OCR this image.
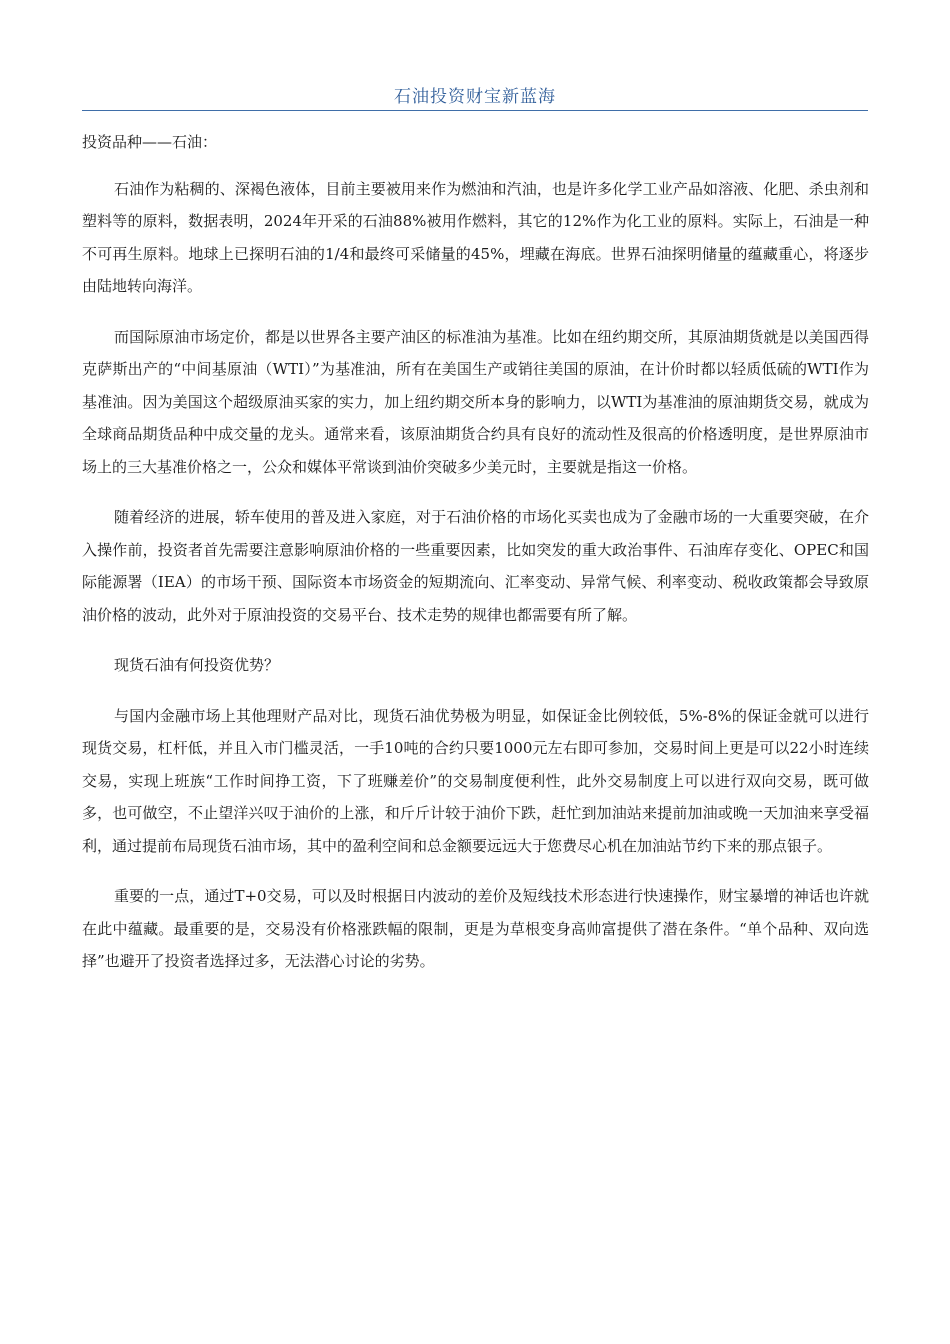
石油投资财宝新蓝海

投资品种——石油：

石油作为粘稠的、深褐色液体，目前主要被用来作为燃油和汽油，也是许多化学工业产品如溶液、化肥、杀虫剂和塑料等的原料，数据表明，2024年开采的石油88%被用作燃料，其它的12%作为化工业的原料。实际上，石油是一种不可再生原料。地球上已探明石油的1/4和最终可采储量的45%，埋藏在海底。世界石油探明储量的蕴藏重心，将逐步由陆地转向海洋。

而国际原油市场定价，都是以世界各主要产油区的标准油为基准。比如在纽约期交所，其原油期货就是以美国西得克萨斯出产的“中间基原油（WTI）”为基准油，所有在美国生产或销往美国的原油，在计价时都以轻质低硫的WTI作为基准油。因为美国这个超级原油买家的实力，加上纽约期交所本身的影响力，以WTI为基准油的原油期货交易，就成为全球商品期货品种中成交量的龙头。通常来看，该原油期货合约具有良好的流动性及很高的价格透明度，是世界原油市场上的三大基准价格之一，公众和媒体平常谈到油价突破多少美元时，主要就是指这一价格。

随着经济的进展，轿车使用的普及进入家庭，对于石油价格的市场化买卖也成为了金融市场的一大重要突破，在介入操作前，投资者首先需要注意影响原油价格的一些重要因素，比如突发的重大政治事件、石油库存变化、OPEC和国际能源署（IEA）的市场干预、国际资本市场资金的短期流向、汇率变动、异常气候、利率变动、税收政策都会导致原油价格的波动，此外对于原油投资的交易平台、技术走势的规律也都需要有所了解。

现货石油有何投资优势？

与国内金融市场上其他理财产品对比，现货石油优势极为明显，如保证金比例较低，5%-8%的保证金就可以进行现货交易，杠杆低，并且入市门槛灵活，一手10吨的合约只要1000元左右即可参加，交易时间上更是可以22小时连续交易，实现上班族“工作时间挣工资，下了班赚差价”的交易制度便利性，此外交易制度上可以进行双向交易，既可做多，也可做空，不止望洋兴叹于油价的上涨，和斤斤计较于油价下跌，赶忙到加油站来提前加油或晚一天加油来享受福利，通过提前布局现货石油市场，其中的盈利空间和总金额要远远大于您费尽心机在加油站节约下来的那点银子。

重要的一点，通过T+0交易，可以及时根据日内波动的差价及短线技术形态进行快速操作，财宝暴增的神话也许就在此中蕴藏。最重要的是，交易没有价格涨跌幅的限制，更是为草根变身高帅富提供了潜在条件。“单个品种、双向选择”也避开了投资者选择过多，无法潜心讨论的劣势。
